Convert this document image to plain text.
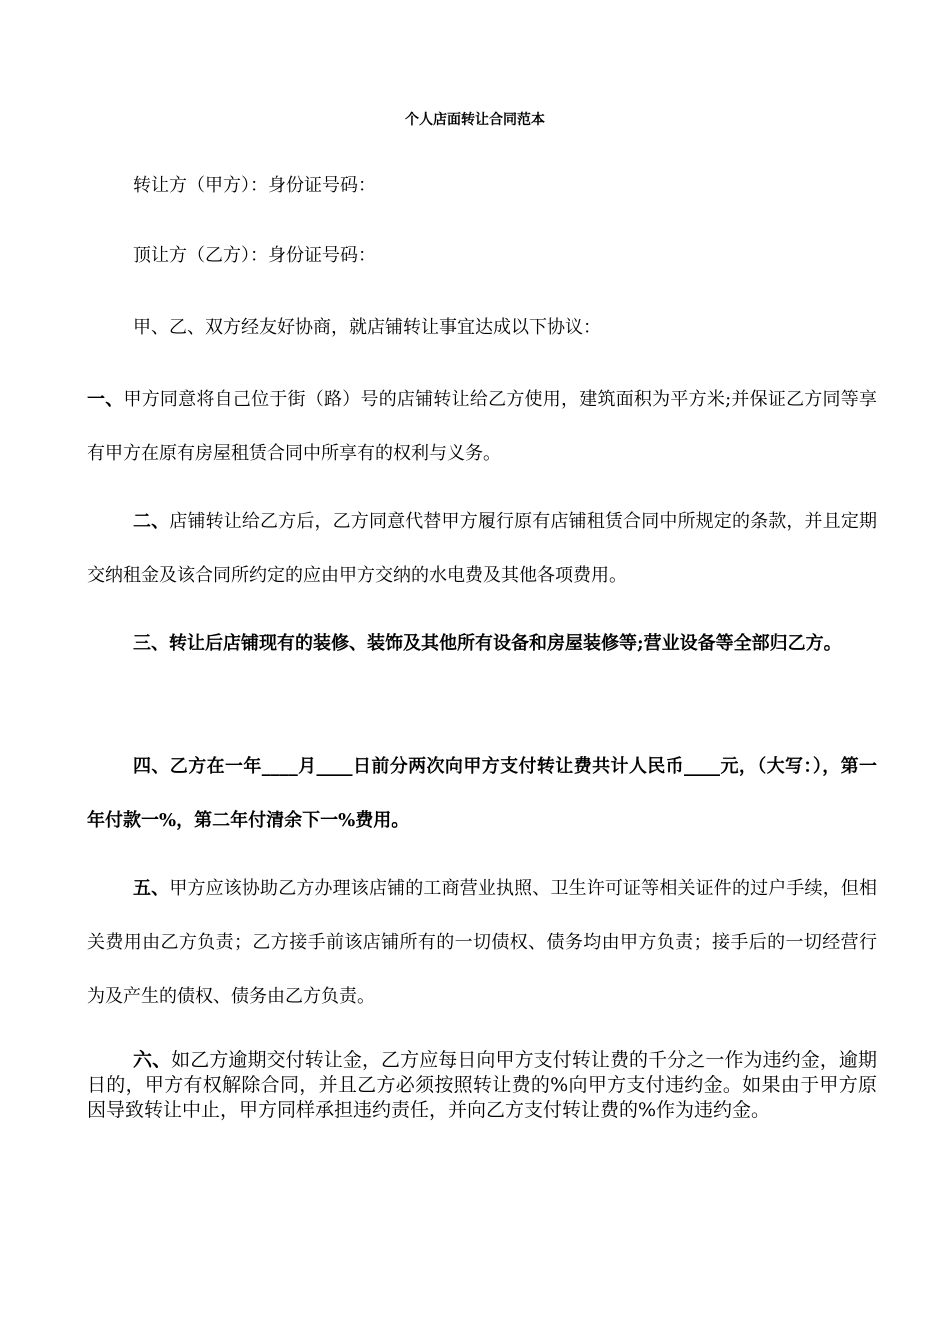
个人店面转让合同范本

转让方（甲方）：身份证号码：

顶让方（乙方）：身份证号码：

甲、乙、双方经友好协商，就店铺转让事宜达成以下协议：

一、甲方同意将自己位于街（路）号的店铺转让给乙方使用，建筑面积为平方米;并保证乙方同等享有甲方在原有房屋租赁合同中所享有的权利与义务。

二、店铺转让给乙方后，乙方同意代替甲方履行原有店铺租赁合同中所规定的条款，并且定期交纳租金及该合同所约定的应由甲方交纳的水电费及其他各项费用。

三、转让后店铺现有的装修、装饰及其他所有设备和房屋装修等;营业设备等全部归乙方。

四、乙方在一年____月____日前分两次向甲方支付转让费共计人民币____元，（大写：），第一年付款一%，第二年付清余下一%费用。

五、甲方应该协助乙方办理该店铺的工商营业执照、卫生许可证等相关证件的过户手续，但相关费用由乙方负责；乙方接手前该店铺所有的一切债权、债务均由甲方负责；接手后的一切经营行为及产生的债权、债务由乙方负责。

六、如乙方逾期交付转让金，乙方应每日向甲方支付转让费的千分之一作为违约金，逾期日的，甲方有权解除合同，并且乙方必须按照转让费的%向甲方支付违约金。如果由于甲方原因导致转让中止，甲方同样承担违约责任，并向乙方支付转让费的%作为违约金。
